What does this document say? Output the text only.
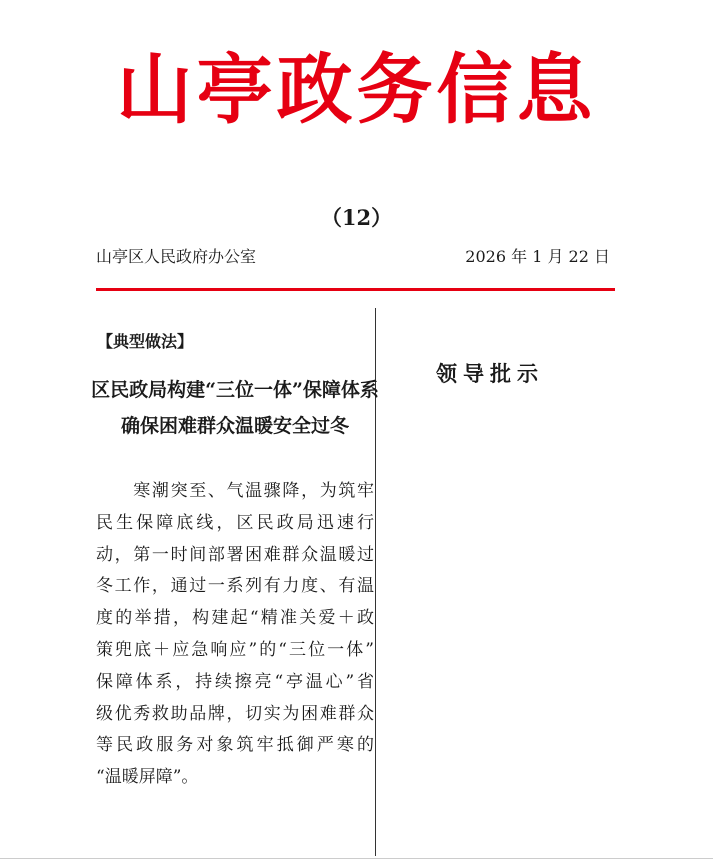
山亭政务信息
（12）
山亭区人民政府办公室	2026 年 1 月 22 日
【典型做法】
区民政局构建“三位一体”保障体系
确保困难群众温暖安全过冬
　　寒潮突至、气温骤降，为筑牢
民生保障底线，区民政局迅速行
动，第一时间部署困难群众温暖过
冬工作，通过一系列有力度、有温
度的举措，构建起“精准关爱＋政
策兜底＋应急响应”的“三位一体”
保障体系，持续擦亮“亭温心”省
级优秀救助品牌，切实为困难群众
等民政服务对象筑牢抵御严寒的
“温暖屏障”。
领导批示
